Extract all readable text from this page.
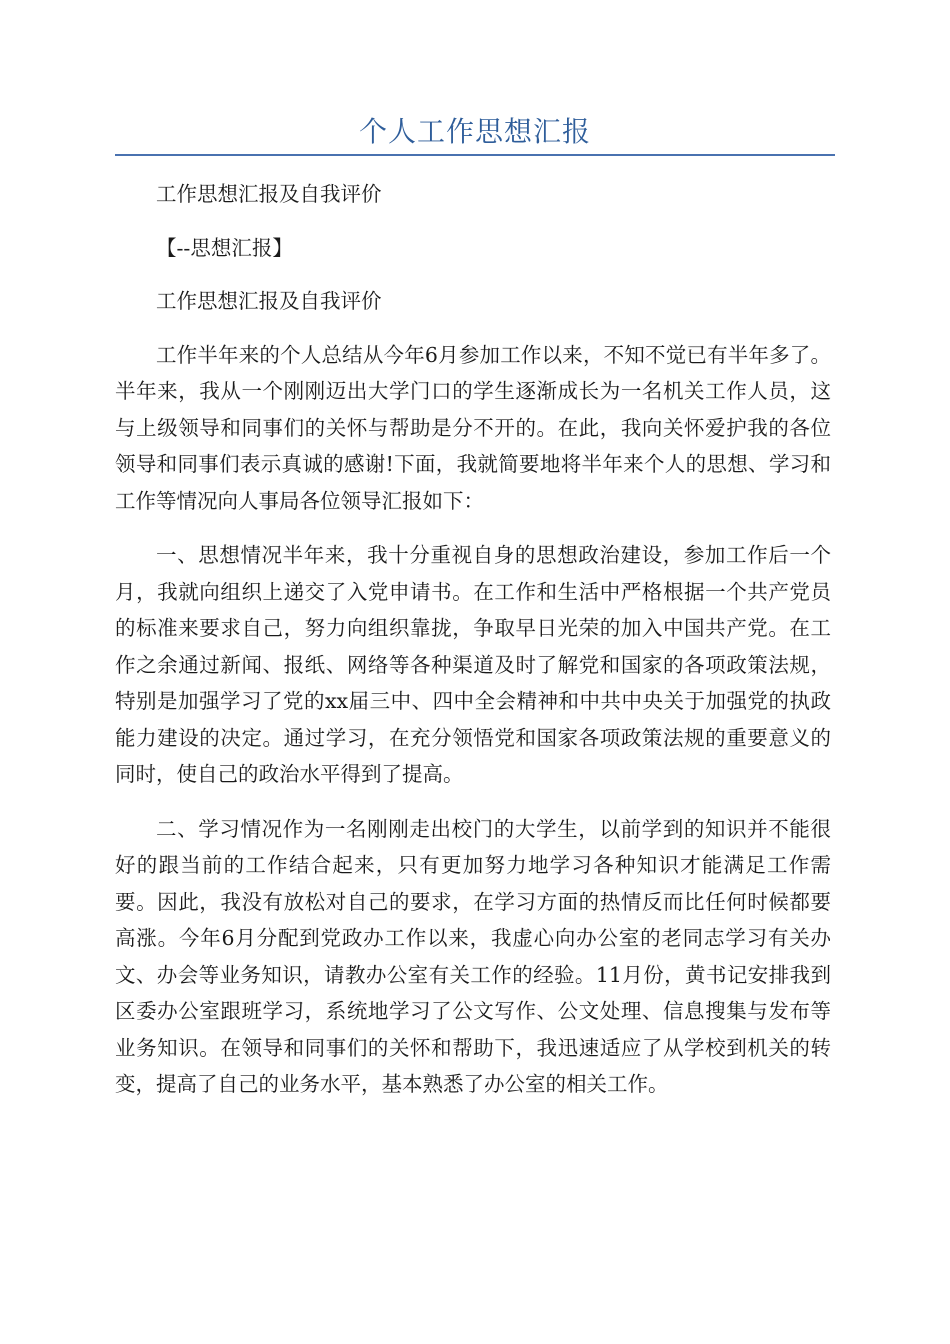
个人工作思想汇报

工作思想汇报及自我评价

【--思想汇报】

工作思想汇报及自我评价

工作半年来的个人总结从今年6月参加工作以来，不知不觉已有半年多了。半年来，我从一个刚刚迈出大学门口的学生逐渐成长为一名机关工作人员，这与上级领导和同事们的关怀与帮助是分不开的。在此，我向关怀爱护我的各位领导和同事们表示真诚的感谢!下面，我就简要地将半年来个人的思想、学习和工作等情况向人事局各位领导汇报如下：

一、思想情况半年来，我十分重视自身的思想政治建设，参加工作后一个月，我就向组织上递交了入党申请书。在工作和生活中严格根据一个共产党员的标准来要求自己，努力向组织靠拢，争取早日光荣的加入中国共产党。在工作之余通过新闻、报纸、网络等各种渠道及时了解党和国家的各项政策法规，特别是加强学习了党的xx届三中、四中全会精神和中共中央关于加强党的执政能力建设的决定。通过学习，在充分领悟党和国家各项政策法规的重要意义的同时，使自己的政治水平得到了提高。

二、学习情况作为一名刚刚走出校门的大学生，以前学到的知识并不能很好的跟当前的工作结合起来，只有更加努力地学习各种知识才能满足工作需要。因此，我没有放松对自己的要求，在学习方面的热情反而比任何时候都要高涨。今年6月分配到党政办工作以来，我虚心向办公室的老同志学习有关办文、办会等业务知识，请教办公室有关工作的经验。11月份，黄书记安排我到区委办公室跟班学习，系统地学习了公文写作、公文处理、信息搜集与发布等业务知识。在领导和同事们的关怀和帮助下，我迅速适应了从学校到机关的转变，提高了自己的业务水平，基本熟悉了办公室的相关工作。
